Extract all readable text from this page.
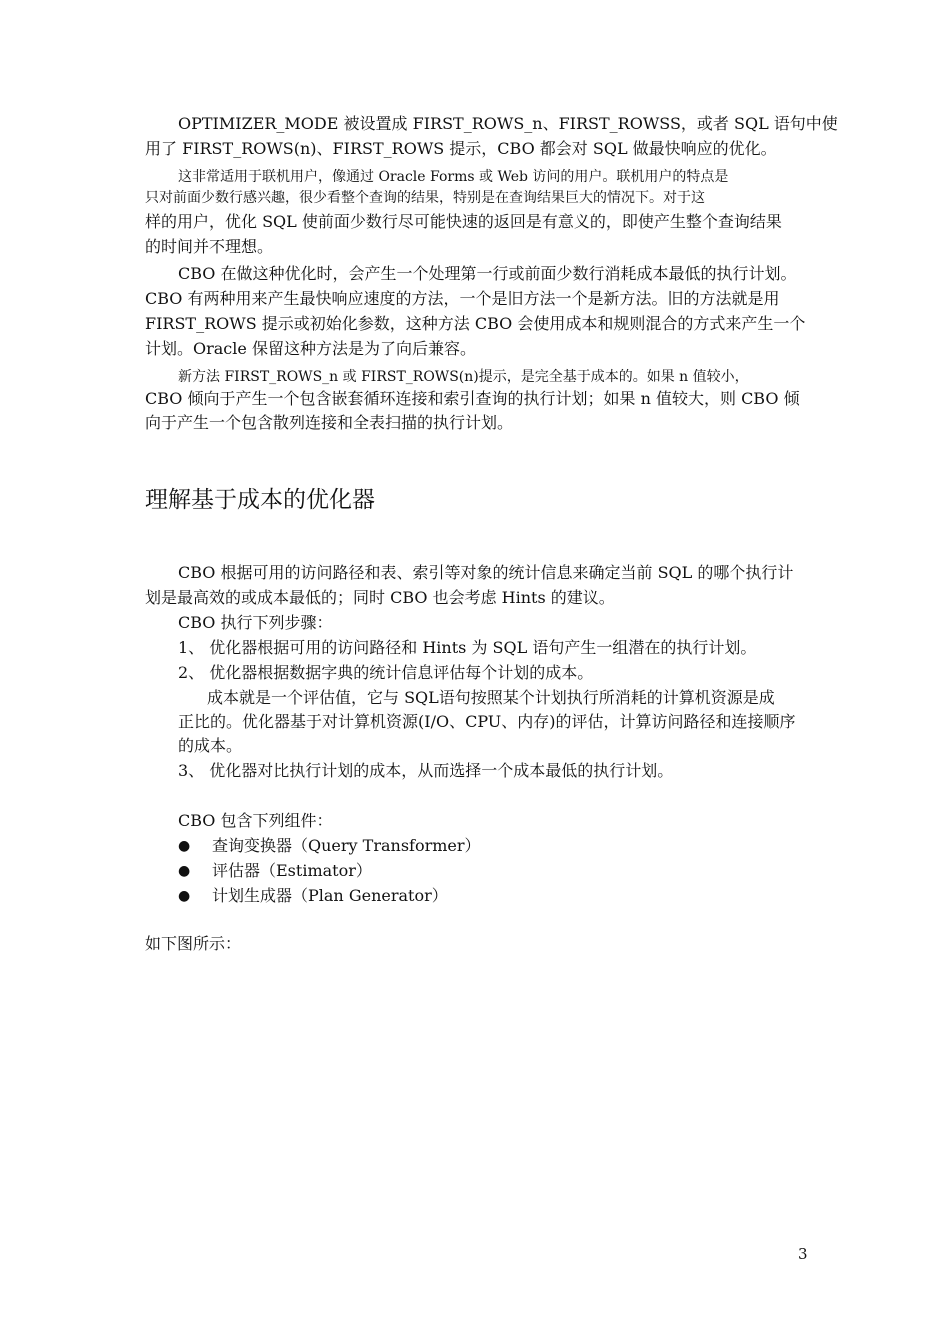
OPTIMIZER_MODE 被设置成 FIRST_ROWS_n、FIRST_ROWSS，或者 SQL 语句中使
用了 FIRST_ROWS(n)、FIRST_ROWS 提示，CBO 都会对 SQL 做最快响应的优化。
这非常适用于联机用户，像通过 Oracle Forms 或 Web 访问的用户。联机用户的特点是
只对前面少数行感兴趣，很少看整个查询的结果，特别是在查询结果巨大的情况下。对于这
样的用户，优化 SQL 使前面少数行尽可能快速的返回是有意义的，即使产生整个查询结果
的时间并不理想。
CBO 在做这种优化时，会产生一个处理第一行或前面少数行消耗成本最低的执行计划。
CBO 有两种用来产生最快响应速度的方法，一个是旧方法一个是新方法。旧的方法就是用
FIRST_ROWS 提示或初始化参数，这种方法 CBO 会使用成本和规则混合的方式来产生一个
计划。Oracle 保留这种方法是为了向后兼容。
新方法 FIRST_ROWS_n 或 FIRST_ROWS(n)提示，是完全基于成本的。如果 n 值较小，
CBO 倾向于产生一个包含嵌套循环连接和索引查询的执行计划；如果 n 值较大，则 CBO 倾
向于产生一个包含散列连接和全表扫描的执行计划。
理解基于成本的优化器
CBO 根据可用的访问路径和表、索引等对象的统计信息来确定当前 SQL 的哪个执行计
划是最高效的或成本最低的；同时 CBO 也会考虑 Hints 的建议。
CBO 执行下列步骤：
1、 优化器根据可用的访问路径和 Hints 为 SQL 语句产生一组潜在的执行计划。
2、 优化器根据数据字典的统计信息评估每个计划的成本。
成本就是一个评估值，它与 SQL语句按照某个计划执行所消耗的计算机资源是成
正比的。优化器基于对计算机资源(I/O、CPU、内存)的评估，计算访问路径和连接顺序
的成本。
3、 优化器对比执行计划的成本，从而选择一个成本最低的执行计划。
CBO 包含下列组件：
● 查询变换器（Query Transformer）
● 评估器（Estimator）
● 计划生成器（Plan Generator）
如下图所示：
3
